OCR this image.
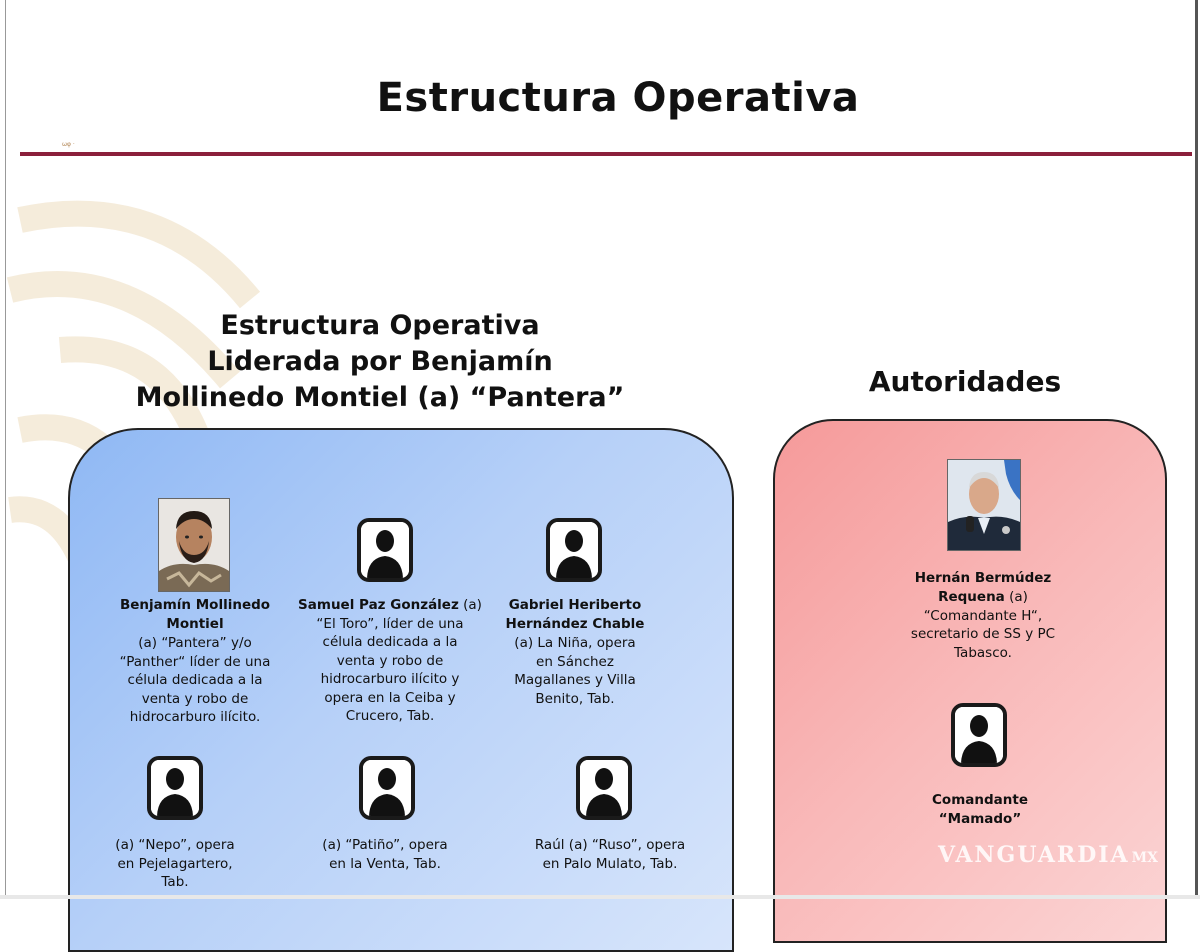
Estructura Operativa
ωφ ·
Estructura Operativa
Liderada por Benjamín
Mollinedo Montiel (a) “Pantera”
Benjamín Mollinedo
Montiel
(a) “Pantera” y/o
“Panther“ líder de una
célula dedicada a la
venta y robo de
hidrocarburo ilícito.
Samuel Paz González (a)
“El Toro”, líder de una
célula dedicada a la
venta y robo de
hidrocarburo ilícito y
opera en la Ceiba y
Crucero, Tab.
Gabriel Heriberto
Hernández Chable
(a) La Niña, opera
en Sánchez
Magallanes y Villa
Benito, Tab.
(a) “Nepo”, opera
en Pejelagartero,
Tab.
(a) “Patiño”, opera
en la Venta, Tab.
Raúl (a) “Ruso”, opera
en Palo Mulato, Tab.
Autoridades
Hernán Bermúdez
Requena (a)
“Comandante H“,
secretario de SS y PC
Tabasco.
Comandante
“Mamado”
VANGUARDIA MX
